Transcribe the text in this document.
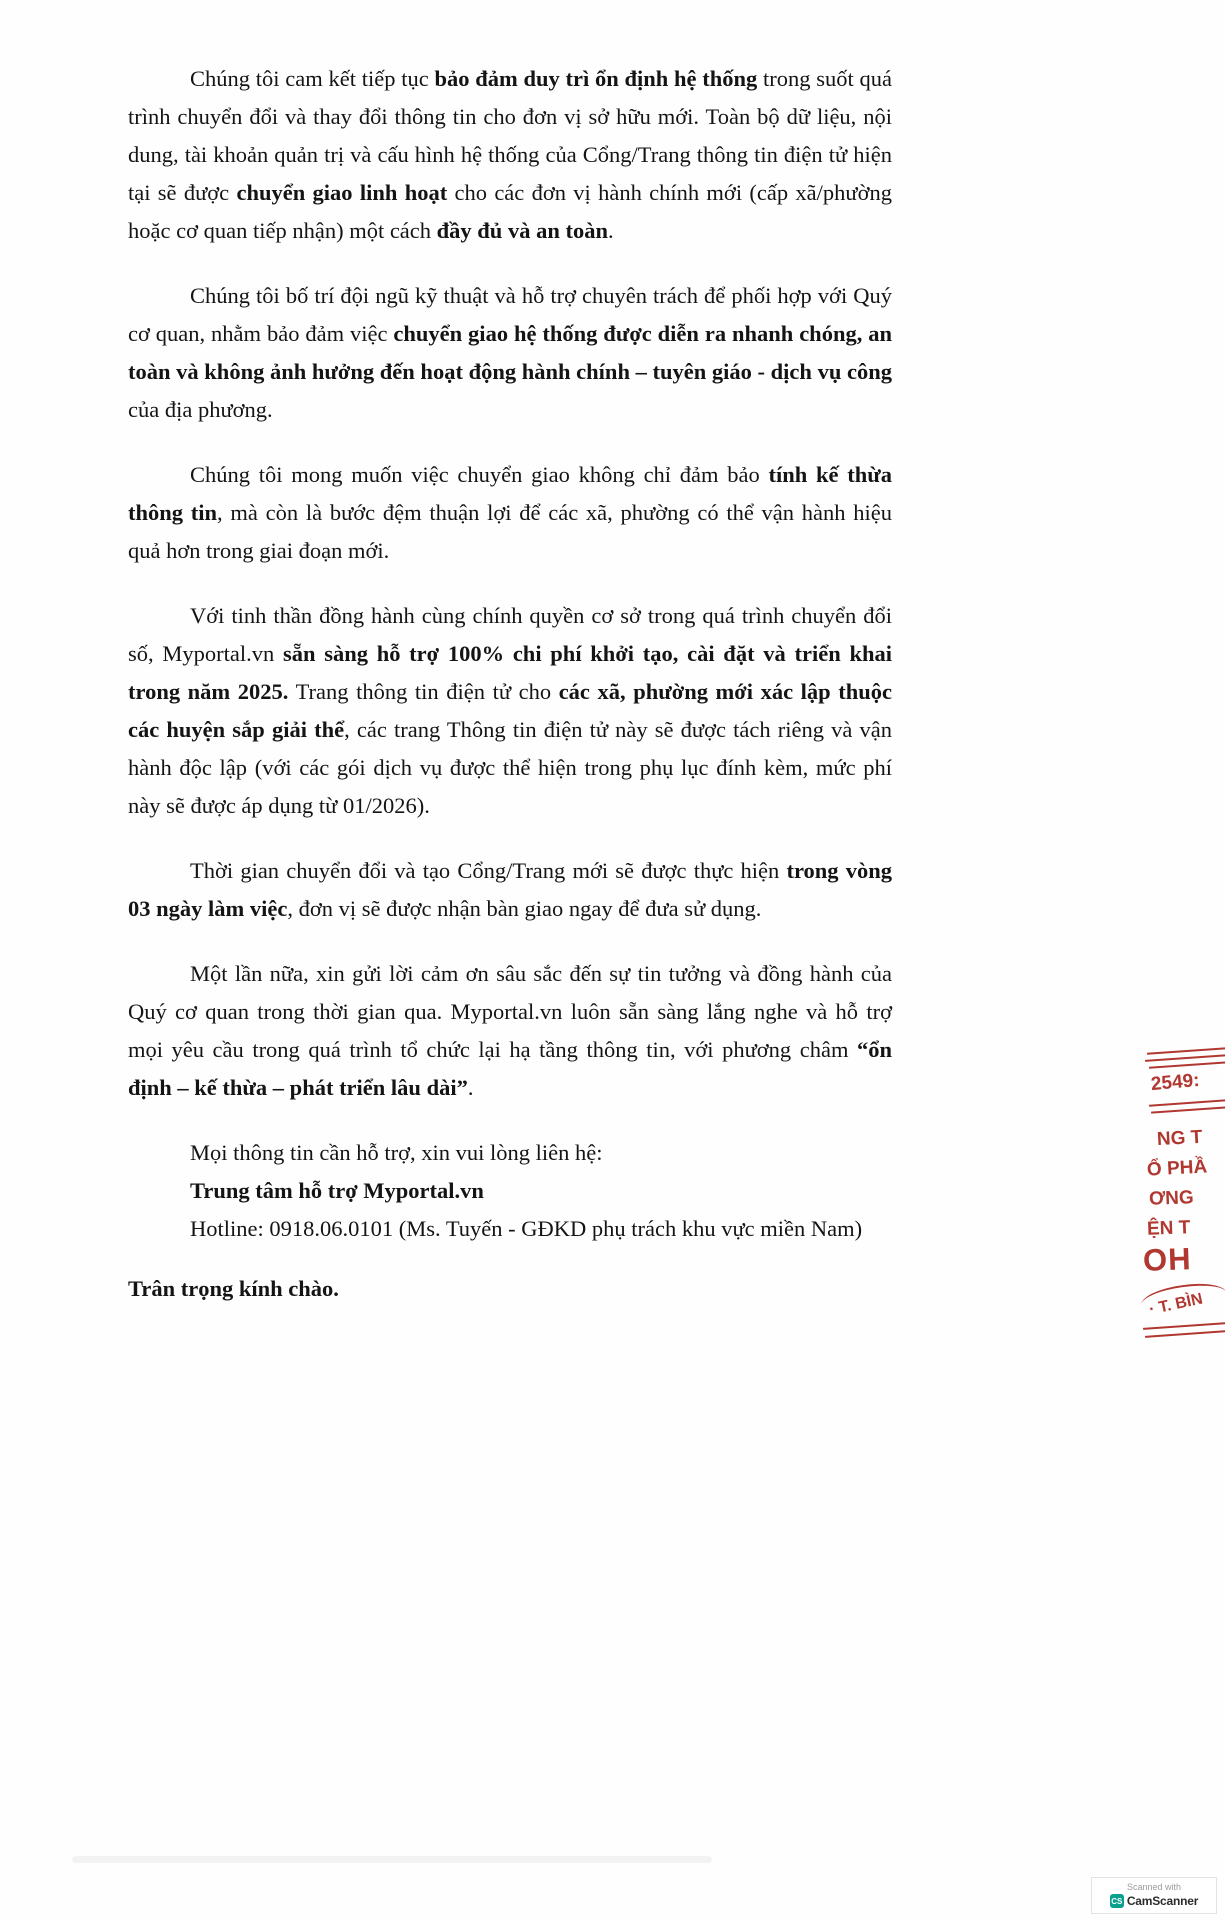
Chúng tôi cam kết tiếp tục bảo đảm duy trì ổn định hệ thống trong suốt quá trình chuyển đổi và thay đổi thông tin cho đơn vị sở hữu mới. Toàn bộ dữ liệu, nội dung, tài khoản quản trị và cấu hình hệ thống của Cổng/Trang thông tin điện tử hiện tại sẽ được chuyển giao linh hoạt cho các đơn vị hành chính mới (cấp xã/phường hoặc cơ quan tiếp nhận) một cách đầy đủ và an toàn.

Chúng tôi bố trí đội ngũ kỹ thuật và hỗ trợ chuyên trách để phối hợp với Quý cơ quan, nhằm bảo đảm việc chuyển giao hệ thống được diễn ra nhanh chóng, an toàn và không ảnh hưởng đến hoạt động hành chính – tuyên giáo - dịch vụ công của địa phương.

Chúng tôi mong muốn việc chuyển giao không chỉ đảm bảo tính kế thừa thông tin, mà còn là bước đệm thuận lợi để các xã, phường có thể vận hành hiệu quả hơn trong giai đoạn mới.

Với tinh thần đồng hành cùng chính quyền cơ sở trong quá trình chuyển đổi số, Myportal.vn sẵn sàng hỗ trợ 100% chi phí khởi tạo, cài đặt và triển khai trong năm 2025. Trang thông tin điện tử cho các xã, phường mới xác lập thuộc các huyện sắp giải thể, các trang Thông tin điện tử này sẽ được tách riêng và vận hành độc lập (với các gói dịch vụ được thể hiện trong phụ lục đính kèm, mức phí này sẽ được áp dụng từ 01/2026).

Thời gian chuyển đổi và tạo Cổng/Trang mới sẽ được thực hiện trong vòng 03 ngày làm việc, đơn vị sẽ được nhận bàn giao ngay để đưa sử dụng.

Một lần nữa, xin gửi lời cảm ơn sâu sắc đến sự tin tưởng và đồng hành của Quý cơ quan trong thời gian qua. Myportal.vn luôn sẵn sàng lắng nghe và hỗ trợ mọi yêu cầu trong quá trình tổ chức lại hạ tầng thông tin, với phương châm “ổn định – kế thừa – phát triển lâu dài”.

Mọi thông tin cần hỗ trợ, xin vui lòng liên hệ:

Trung tâm hỗ trợ Myportal.vn

Hotline: 0918.06.0101 (Ms. Tuyến - GĐKD phụ trách khu vực miền Nam)

Trân trọng kính chào.

2549:
NG T
Ổ PHẦ
ƠNG
ỆN T
OH
· T. BÌN
Scanned with
CS CamScanner
